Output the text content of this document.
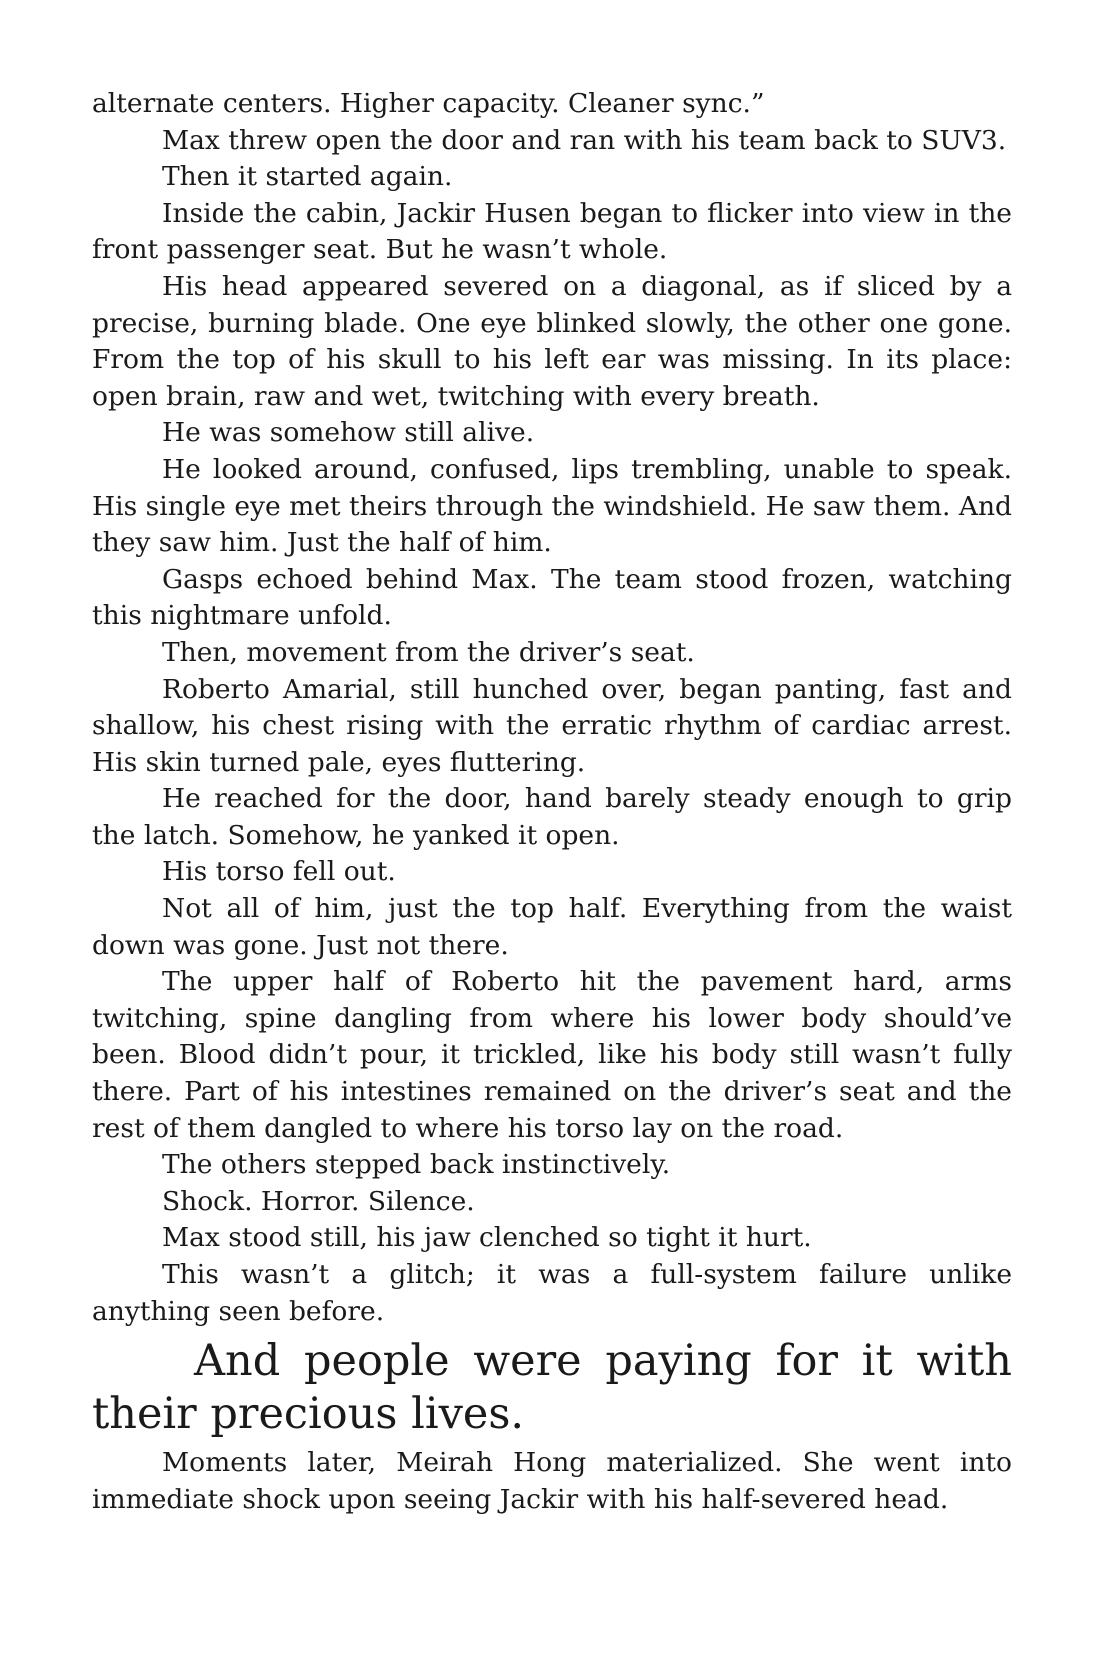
alternate centers. Higher capacity. Cleaner sync.”

Max threw open the door and ran with his team back to SUV3.

Then it started again.

Inside the cabin, Jackir Husen began to flicker into view in the front passenger seat. But he wasn’t whole.

His head appeared severed on a diagonal, as if sliced by a precise, burning blade. One eye blinked slowly, the other one gone. From the top of his skull to his left ear was missing. In its place: open brain, raw and wet, twitching with every breath.

He was somehow still alive.

He looked around, confused, lips trembling, unable to speak. His single eye met theirs through the windshield. He saw them. And they saw him. Just the half of him.

Gasps echoed behind Max. The team stood frozen, watching this nightmare unfold.

Then, movement from the driver’s seat.

Roberto Amarial, still hunched over, began panting, fast and shallow, his chest rising with the erratic rhythm of cardiac arrest. His skin turned pale, eyes fluttering.

He reached for the door, hand barely steady enough to grip the latch. Somehow, he yanked it open.

His torso fell out.

Not all of him, just the top half. Everything from the waist down was gone. Just not there.

The upper half of Roberto hit the pavement hard, arms twitching, spine dangling from where his lower body should’ve been. Blood didn’t pour, it trickled, like his body still wasn’t fully there. Part of his intestines remained on the driver’s seat and the rest of them dangled to where his torso lay on the road.

The others stepped back instinctively.

Shock. Horror. Silence.

Max stood still, his jaw clenched so tight it hurt.

This wasn’t a glitch; it was a full-system failure unlike anything seen before.

And people were paying for it with their precious lives.

Moments later, Meirah Hong materialized. She went into immediate shock upon seeing Jackir with his half-severed head.
